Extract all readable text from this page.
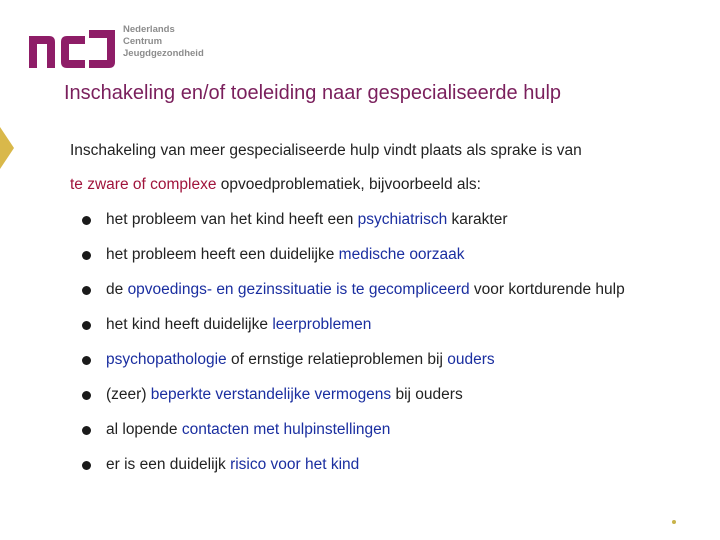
Nederlands
Centrum
Jeugdgezondheid
Inschakeling en/of toeleiding naar gespecialiseerde hulp
Inschakeling van meer gespecialiseerde hulp vindt plaats als sprake is van
te zware of complexe opvoedproblematiek, bijvoorbeeld als:
het probleem van het kind heeft een psychiatrisch karakter
het probleem heeft een duidelijke medische oorzaak
de opvoedings- en gezinssituatie is te gecompliceerd voor kortdurende hulp
het kind heeft duidelijke leerproblemen
psychopathologie of ernstige relatieproblemen bij ouders
(zeer) beperkte verstandelijke vermogens bij ouders
al lopende contacten met hulpinstellingen
er is een duidelijk risico voor het kind
